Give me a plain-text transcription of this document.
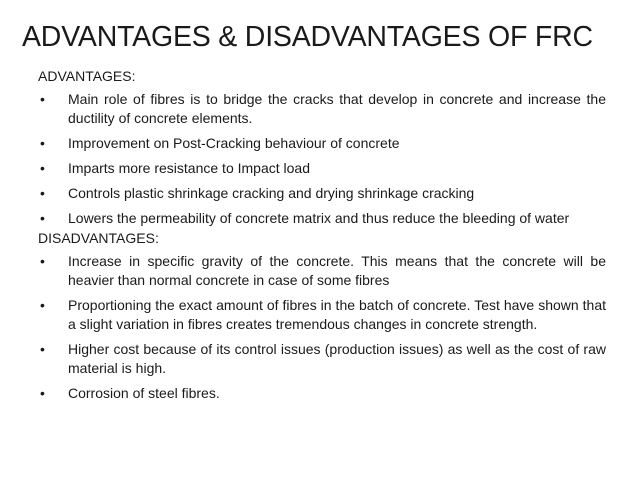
ADVANTAGES & DISADVANTAGES OF FRC
ADVANTAGES:
• Main role of fibres is to bridge the cracks that develop in concrete and increase the ductility of concrete elements.
• Improvement on Post-Cracking behaviour of concrete
• Imparts more resistance to Impact load
• Controls plastic shrinkage cracking and drying shrinkage cracking
• Lowers the permeability of concrete matrix and thus reduce the bleeding of water
DISADVANTAGES:
• Increase in specific gravity of the concrete. This means that the concrete will be heavier than normal concrete in case of some fibres
• Proportioning the exact amount of fibres in the batch of concrete. Test have shown that a slight variation in fibres creates tremendous changes in concrete strength.
• Higher cost because of its control issues (production issues) as well as the cost of raw material is high.
• Corrosion of steel fibres.
